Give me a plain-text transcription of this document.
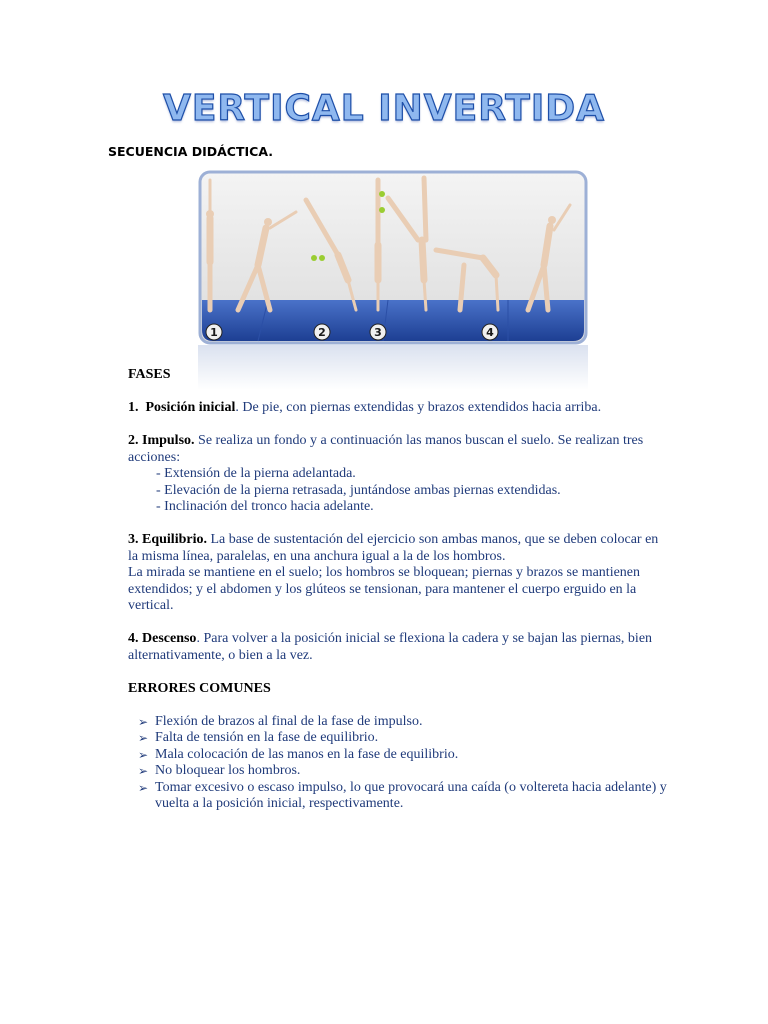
VERTICAL INVERTIDA
SECUENCIA DIDÁCTICA.
1	2	3	4

FASES

1.  Posición inicial. De pie, con piernas extendidas y brazos extendidos hacia arriba.

2. Impulso. Se realiza un fondo y a continuación las manos buscan el suelo. Se realizan tres acciones:

- Extensión de la pierna adelantada.

- Elevación de la pierna retrasada, juntándose ambas piernas extendidas.

- Inclinación del tronco hacia adelante.

3. Equilibrio. La base de sustentación del ejercicio son ambas manos, que se deben colocar en la misma línea, paralelas, en una anchura igual a la de los hombros.

La mirada se mantiene en el suelo; los hombros se bloquean; piernas y brazos se mantienen extendidos; y el abdomen y los glúteos se tensionan, para mantener el cuerpo erguido en la vertical.

4. Descenso. Para volver a la posición inicial se flexiona la cadera y se bajan las piernas, bien alternativamente, o bien a la vez.

ERRORES COMUNES

➢ Flexión de brazos al final de la fase de impulso.
➢ Falta de tensión en la fase de equilibrio.
➢ Mala colocación de las manos en la fase de equilibrio.
➢ No bloquear los hombros.
➢ Tomar excesivo o escaso impulso, lo que provocará una caída (o voltereta hacia adelante) y vuelta a la posición inicial, respectivamente.
